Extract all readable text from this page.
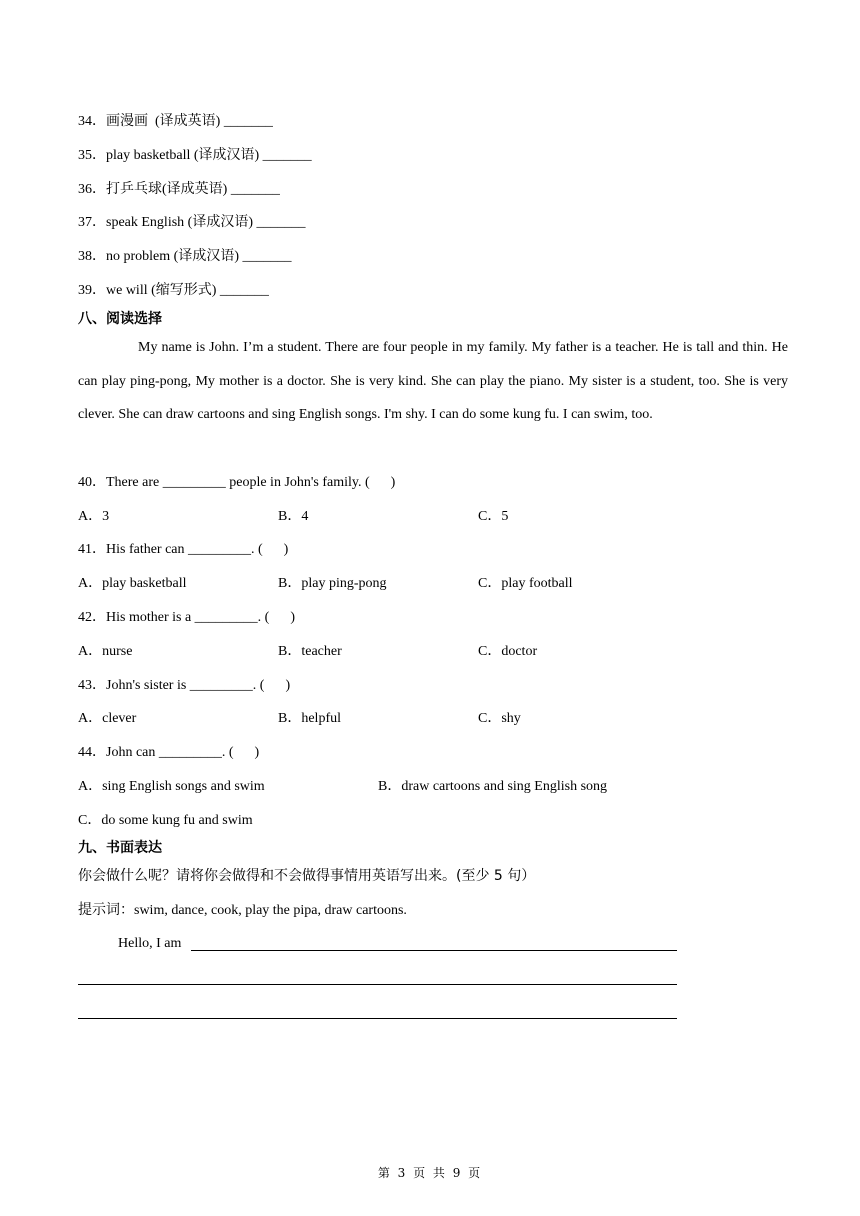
34．画漫画  (译成英语) _______
35．play basketball (译成汉语) _______
36．打乒乓球(译成英语) _______
37．speak English (译成汉语) _______
38．no problem (译成汉语) _______
39．we will (缩写形式) _______
八、阅读选择
My name is John. I’m a student. There are four people in my family. My father is a teacher. He is tall and thin. He can play ping-pong, My mother is a doctor. She is very kind. She can play the piano. My sister is a student, too. She is very clever. She can draw cartoons and sing English songs. I'm shy. I can do some kung fu. I can swim, too.
40．There are _________ people in John's family. (      )
A．3	B．4	C．5
41．His father can _________. (      )
A．play basketball	B．play ping-pong	C．play football
42．His mother is a _________. (      )
A．nurse	B．teacher	C．doctor
43．John's sister is _________. (      )
A．clever	B．helpful	C．shy
44．John can _________. (      )
A．sing English songs and swim	B．draw cartoons and sing English song
C．do some kung fu and swim
九、书面表达
你会做什么呢？请将你会做得和不会做得事情用英语写出来。(至少 5 句）
提示词：swim, dance, cook, play the pipa, draw cartoons.
Hello, I am
第 3 页 共 9 页
